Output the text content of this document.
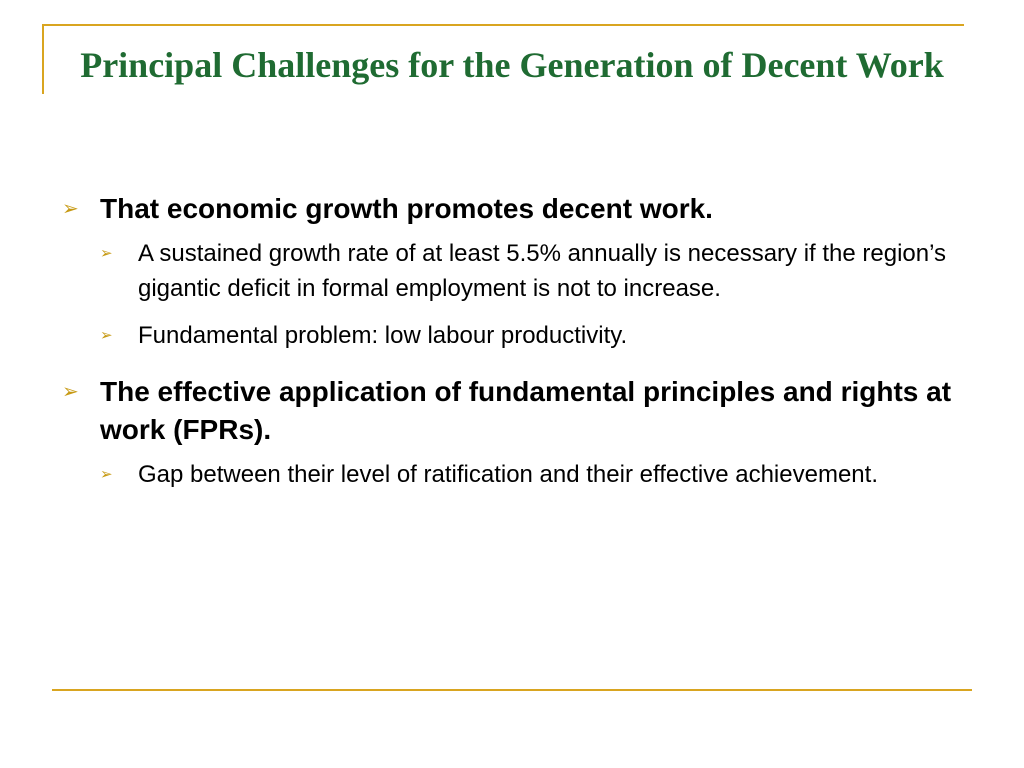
Principal Challenges for the Generation of Decent Work
➢ That economic growth promotes decent work.
➢ A sustained growth rate of at least 5.5% annually is necessary if the region’s gigantic deficit in formal employment is not to increase.
➢ Fundamental problem: low labour productivity.
➢ The effective application of fundamental principles and rights at work (FPRs).
➢ Gap between their level of ratification and their effective achievement.
